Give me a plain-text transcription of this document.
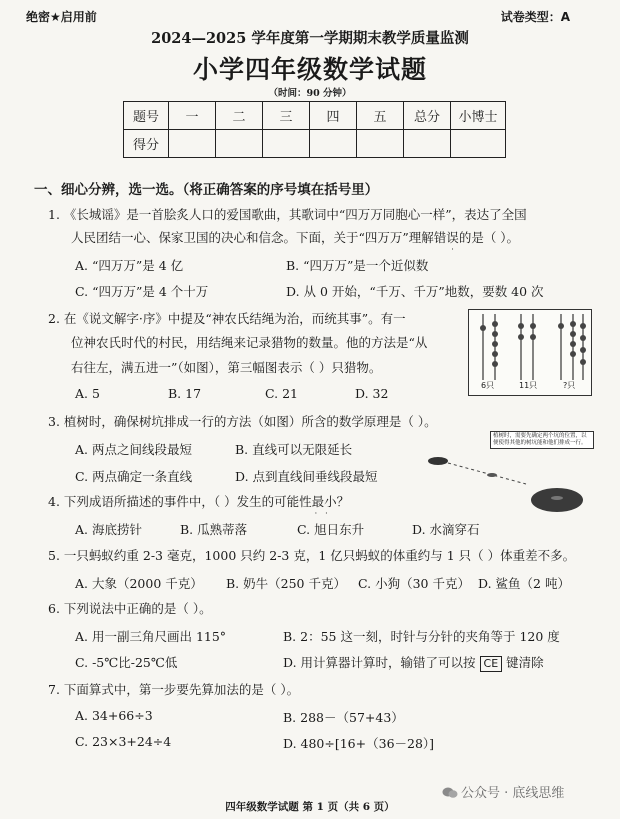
绝密★启用前	试卷类型：A
2024—2025 学年度第一学期期末教学质量监测
小学四年级数学试题
（时间：90 分钟）
题号	一	二	三	四	五	总分	小博士
得分							
一、细心分辨，选一选。（将正确答案的序号填在括号里）
1. 《长城谣》是一首脍炙人口的爱国歌曲，其歌词中“四万万同胞心一样”，表达了全国
人民团结一心、保家卫国的决心和信念。下面，关于“四万万”理解错误
·
的是（ ）。
A. “四万万”是 4 亿	B. “四万万”是一个近似数
C. “四万万”是 4 个十万	D. 从 0 开始，“千万、千万”地数，要数 40 次
2. 在《说文解字·序》中提及“神农氏结绳为治，而统其事”。有一
位神农氏时代的村民，用结绳来记录猎物的数量。他的方法是“从
右往左，满五进一”（如图），第三幅图表示（ ）只猎物。
A. 5	B. 17	C. 21	D. 32
6只	11只	?只
3. 植树时，确保树坑排成一行的方法（如图）所含的数学原理是（ ）。
A. 两点之间线段最短	B. 直线可以无限延长
C. 两点确定一条直线	D. 点到直线间垂线段最短
植树时，需要先确定两个坑的位置，以便使得其他的树坑能和他们排成一行。
4. 下列成语所描述的事件中，（ ）发生的可能性最小
··
？
A. 海底捞针	B. 瓜熟蒂落	C. 旭日东升	D. 水滴穿石
5. 一只蚂蚁约重 2-3 毫克，1000 只约 2-3 克，1 亿只蚂蚁的体重约与 1 只（ ）体重差不多。
A. 大象（2000 千克） B. 奶牛（250 千克） C. 小狗（30 千克） D. 鲨鱼（2 吨）
6. 下列说法中正确的是（ ）。
A. 用一副三角尺画出 115°	B. 2：55 这一刻，时针与分针的夹角等于 120 度
C. -5℃比-25℃低	D. 用计算器计算时，输错了可以按 CE 键清除
7. 下面算式中，第一步要先算加法的是（ ）。
A. 34+66÷3	B. 288－（57+43）
C. 23×3+24÷4	D. 480÷[16+（36－28）]
公众号 · 底线思维
四年级数学试题 第 1 页（共 6 页）
